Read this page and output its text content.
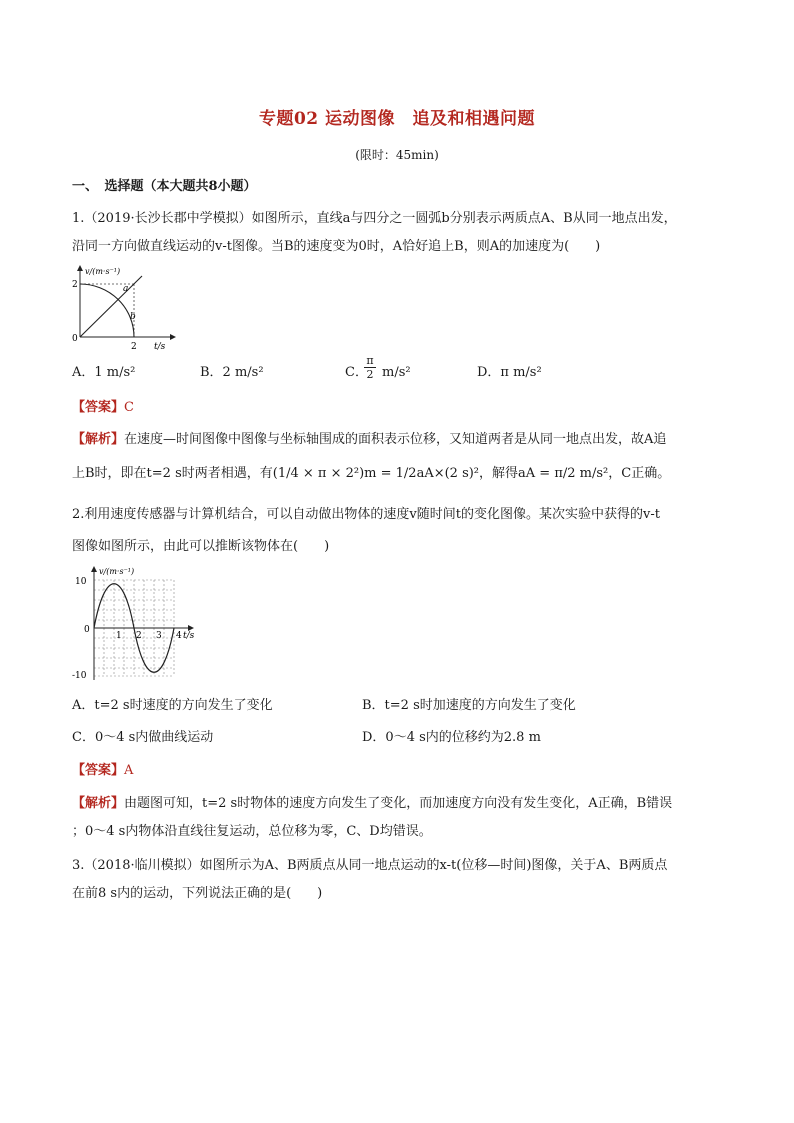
专题02 运动图像　追及和相遇问题
(限时：45min)
一、　选择题（本大题共8小题）
1.（2019·长沙长郡中学模拟）如图所示，直线a与四分之一圆弧b分别表示两质点A、B从同一地点出发，
沿同一方向做直线运动的v-t图像。当B的速度变为0时，A恰好追上B，则A的加速度为(　　)
v/(m·s⁻¹)
2
0
2 t/s
a
b
A．1 m/s²	B．2 m/s²	C．
$\frac{\pi}{2} m/s^2$	D．π m/s²
【答案】C
【解析】在速度—时间图像中图像与坐标轴围成的面积表示位移，又知道两者是从同一地点出发，故A追
上B时，即在t=2 s时两者相遇，有(1/4 × π × 2²)m = 1/2aA×(2 s)²，解得aA = π/2 m/s²，C正确。
2.利用速度传感器与计算机结合，可以自动做出物体的速度v随时间t的变化图像。某次实验中获得的v-t
图像如图所示，由此可以推断该物体在(　　)
v/(m·s⁻¹)
10
0
-10
1 2 3 4 t/s
A．t=2 s时速度的方向发生了变化	B．t=2 s时加速度的方向发生了变化
C．0～4 s内做曲线运动	D．0～4 s内的位移约为2.8 m
【答案】A
【解析】由题图可知，t=2 s时物体的速度方向发生了变化，而加速度方向没有发生变化，A正确，B错误
；0～4 s内物体沿直线往复运动，总位移为零，C、D均错误。
3.（2018·临川模拟）如图所示为A、B两质点从同一地点运动的x-t(位移—时间)图像，关于A、B两质点
在前8 s内的运动，下列说法正确的是(　　)
